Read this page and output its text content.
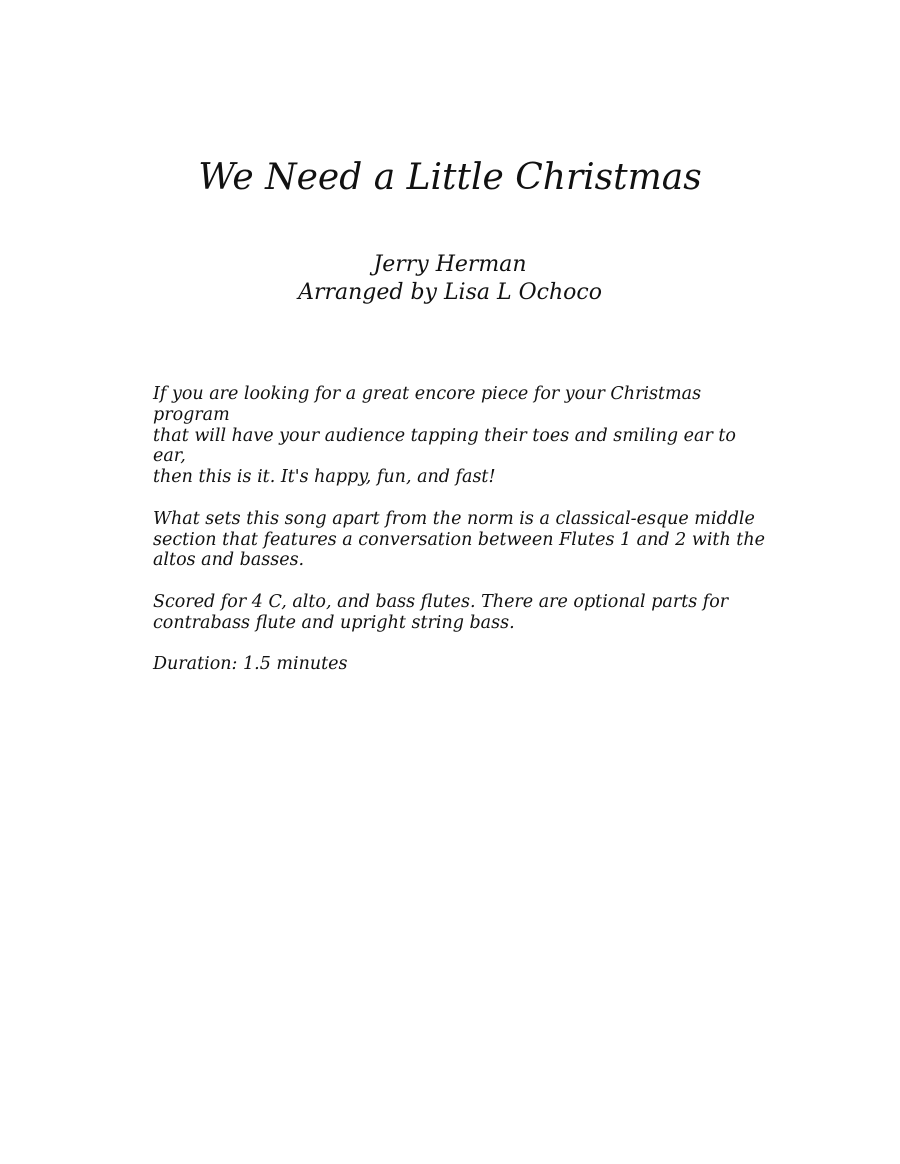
We Need a Little Christmas
Jerry Herman
Arranged by Lisa L Ochoco

If you are looking for a great encore piece for your Christmas program
that will have your audience tapping their toes and smiling ear to ear,
then this is it. It's happy, fun, and fast!

What sets this song apart from the norm is a classical-esque middle
section that features a conversation between Flutes 1 and 2 with the
altos and basses.

Scored for 4 C, alto, and bass flutes. There are optional parts for
contrabass flute and upright string bass.

Duration: 1.5 minutes
